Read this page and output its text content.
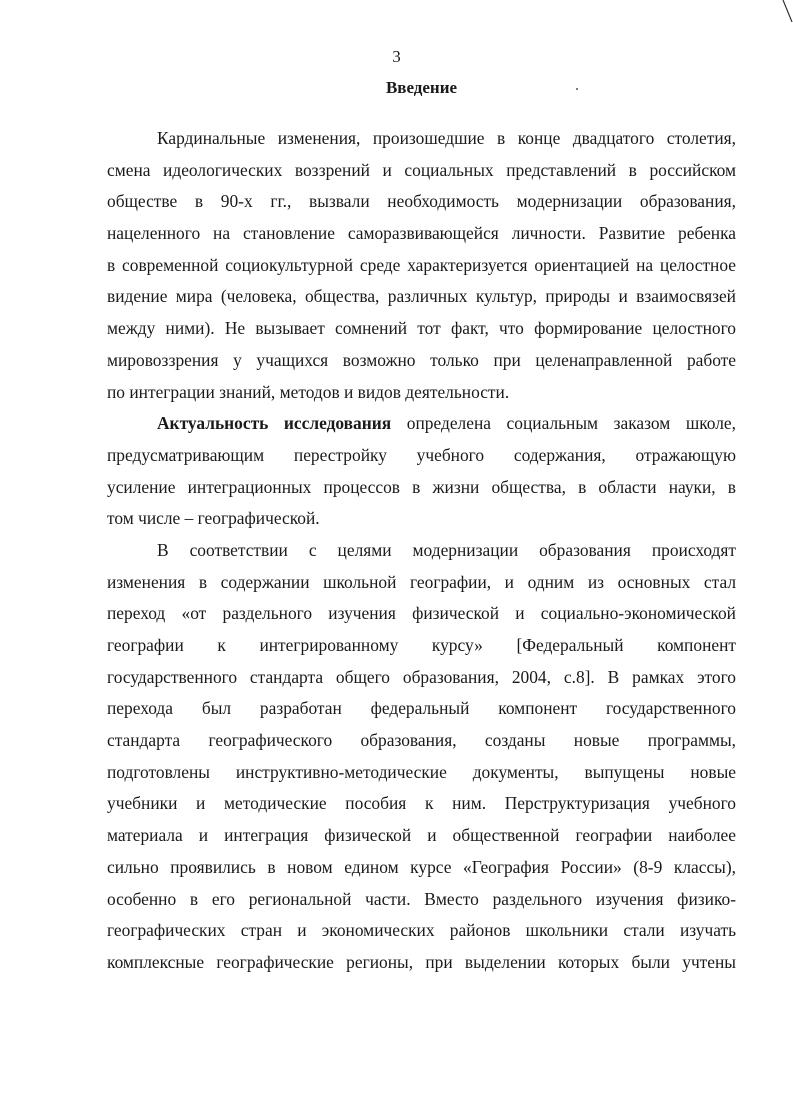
3
Введение
Кардинальные изменения, произошедшие в конце двадцатого столетия,
смена идеологических воззрений и социальных представлений в российском
обществе в 90-х гг., вызвали необходимость модернизации образования,
нацеленного на становление саморазвивающейся личности. Развитие ребенка
в современной социокультурной среде характеризуется ориентацией на целостное
видение мира (человека, общества, различных культур, природы и взаимосвязей
между ними). Не вызывает сомнений тот факт, что формирование целостного
мировоззрения у учащихся возможно только при целенаправленной работе
по интеграции знаний, методов и видов деятельности.
Актуальность исследования определена социальным заказом школе,
предусматривающим перестройку учебного содержания, отражающую
усиление интеграционных процессов в жизни общества, в области науки, в
том числе – географической.
В соответствии с целями модернизации образования происходят
изменения в содержании школьной географии, и одним из основных стал
переход «от раздельного изучения физической и социально-экономической
географии к интегрированному курсу» [Федеральный компонент
государственного стандарта общего образования, 2004, с.8]. В рамках этого
перехода был разработан федеральный компонент государственного
стандарта географического образования, созданы новые программы,
подготовлены инструктивно-методические документы, выпущены новые
учебники и методические пособия к ним. Перструктуризация учебного
материала и интеграция физической и общественной географии наиболее
сильно проявились в новом едином курсе «География России» (8-9 классы),
особенно в его региональной части. Вместо раздельного изучения физико-
географических стран и экономических районов школьники стали изучать
комплексные географические регионы, при выделении которых были учтены
